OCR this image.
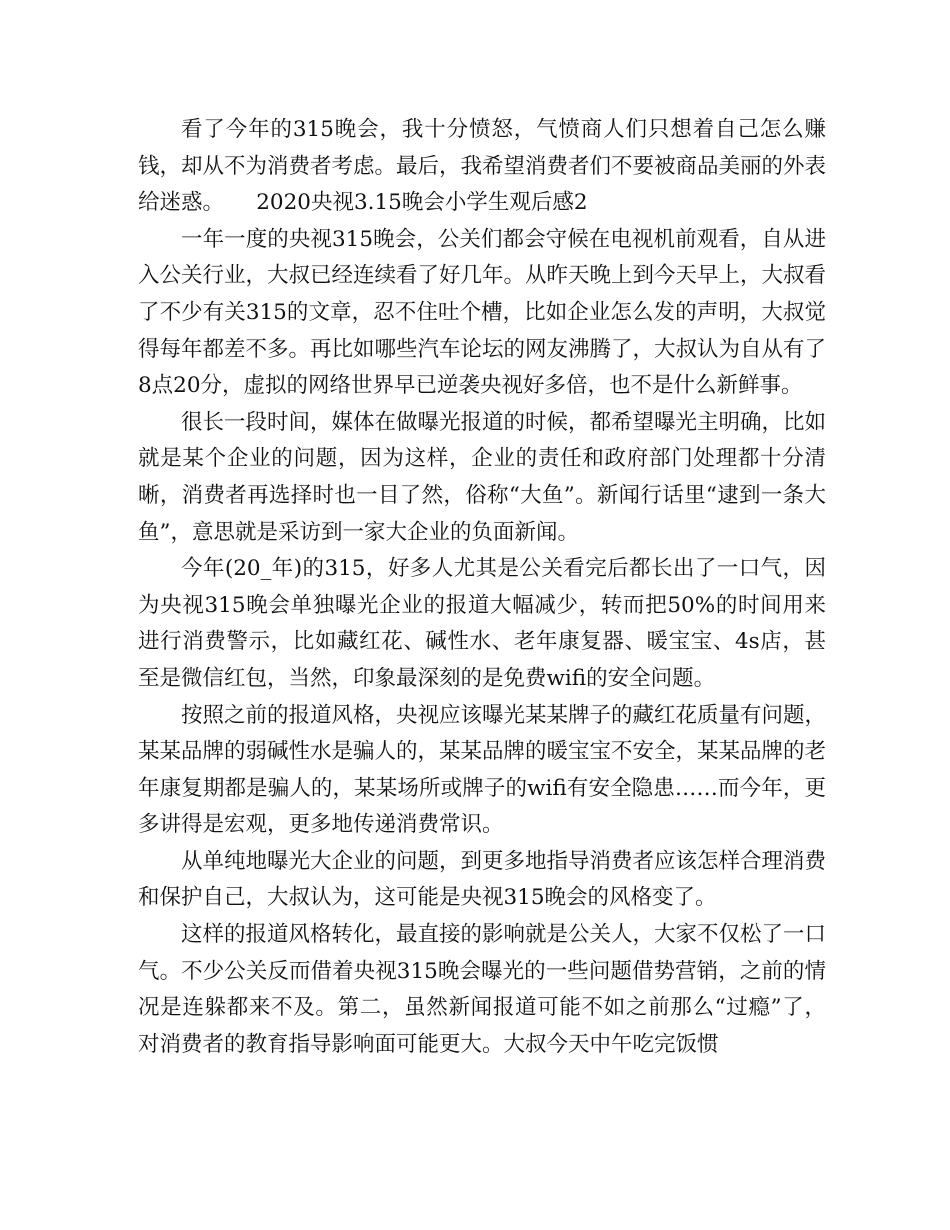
看了今年的315晚会，我十分愤怒，气愤商人们只想着自己怎么赚钱，却从不为消费者考虑。最后，我希望消费者们不要被商品美丽的外表给迷惑。　　2020央视3.15晚会小学生观后感2

一年一度的央视315晚会，公关们都会守候在电视机前观看，自从进入公关行业，大叔已经连续看了好几年。从昨天晚上到今天早上，大叔看了不少有关315的文章，忍不住吐个槽，比如企业怎么发的声明，大叔觉得每年都差不多。再比如哪些汽车论坛的网友沸腾了，大叔认为自从有了8点20分，虚拟的网络世界早已逆袭央视好多倍，也不是什么新鲜事。

很长一段时间，媒体在做曝光报道的时候，都希望曝光主明确，比如就是某个企业的问题，因为这样，企业的责任和政府部门处理都十分清晰，消费者再选择时也一目了然，俗称“大鱼”。新闻行话里“逮到一条大鱼”，意思就是采访到一家大企业的负面新闻。

今年(20_年)的315，好多人尤其是公关看完后都长出了一口气，因为央视315晚会单独曝光企业的报道大幅减少，转而把50%的时间用来进行消费警示，比如藏红花、碱性水、老年康复器、暖宝宝、4s店，甚至是微信红包，当然，印象最深刻的是免费wifi的安全问题。

按照之前的报道风格，央视应该曝光某某牌子的藏红花质量有问题，某某品牌的弱碱性水是骗人的，某某品牌的暖宝宝不安全，某某品牌的老年康复期都是骗人的，某某场所或牌子的wifi有安全隐患……而今年，更多讲得是宏观，更多地传递消费常识。

从单纯地曝光大企业的问题，到更多地指导消费者应该怎样合理消费和保护自己，大叔认为，这可能是央视315晚会的风格变了。

这样的报道风格转化，最直接的影响就是公关人，大家不仅松了一口气。不少公关反而借着央视315晚会曝光的一些问题借势营销，之前的情况是连躲都来不及。第二，虽然新闻报道可能不如之前那么“过瘾”了，对消费者的教育指导影响面可能更大。大叔今天中午吃完饭惯
